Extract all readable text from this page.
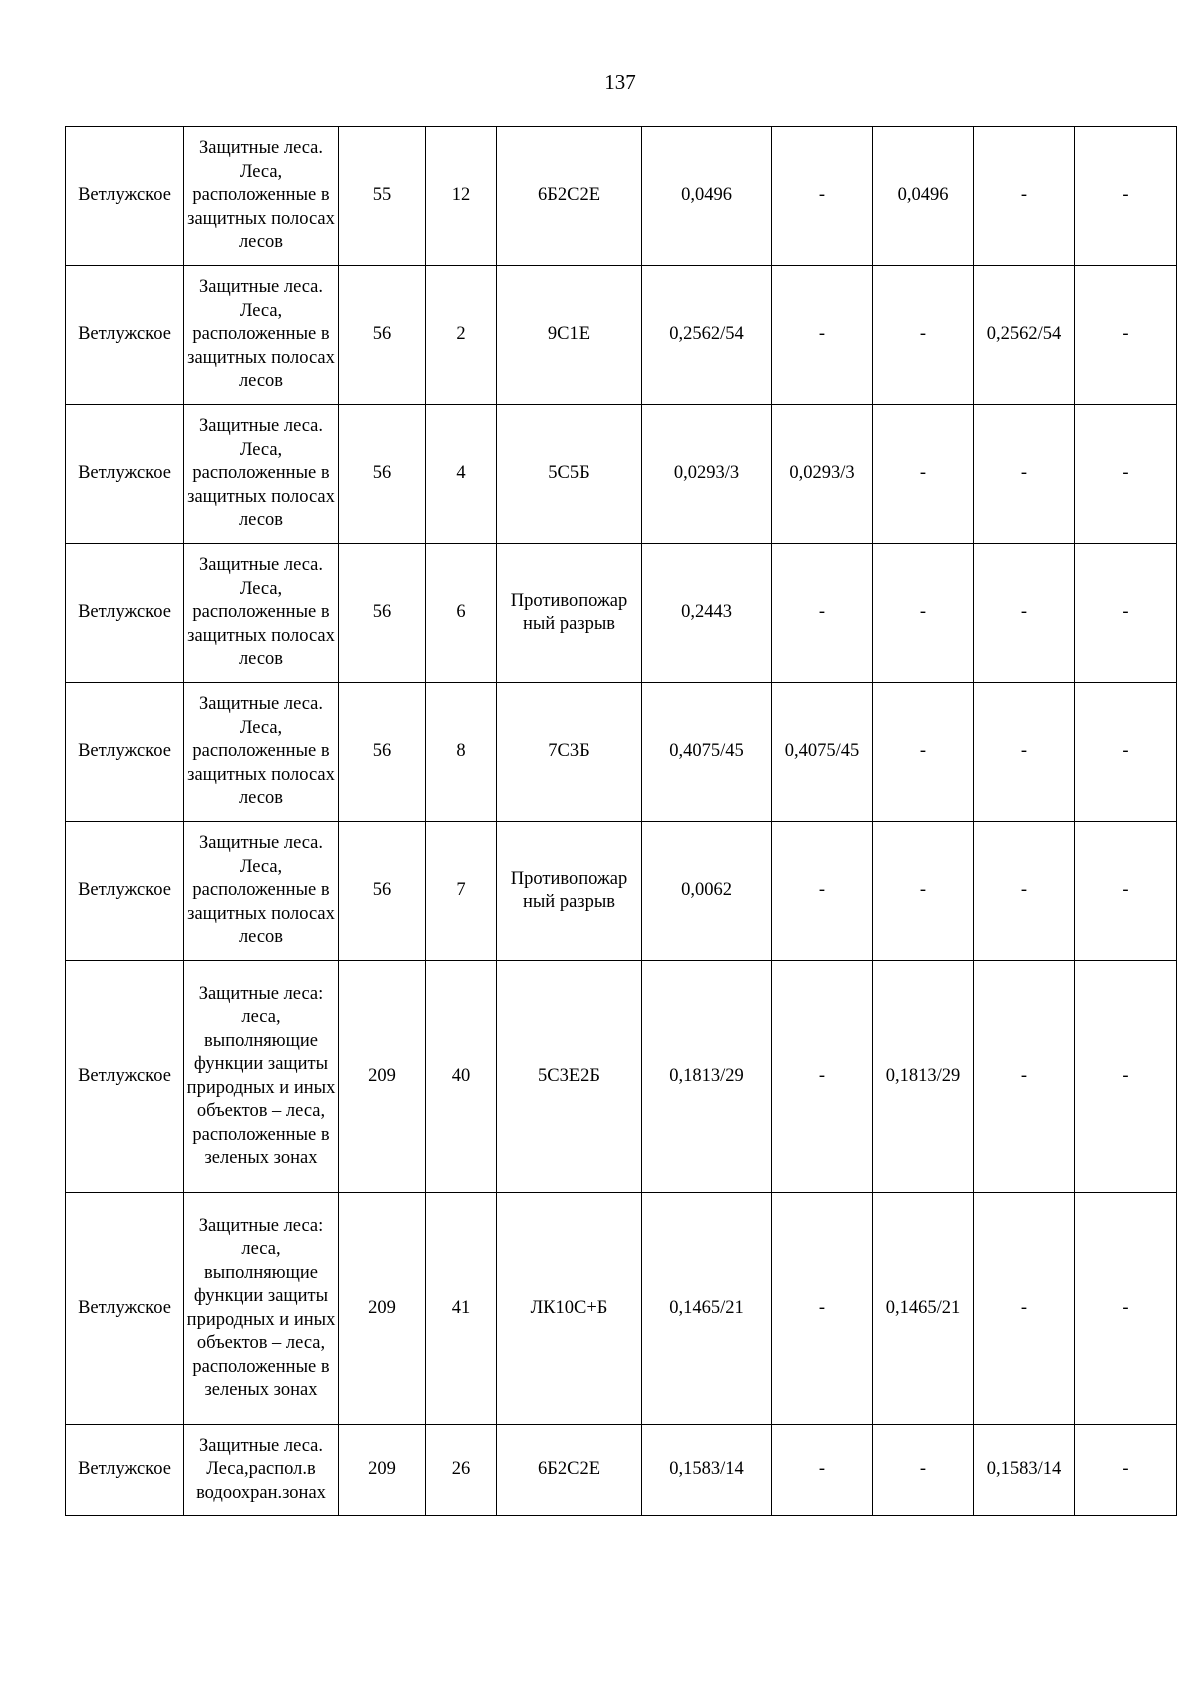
137
Ветлужское	Защитные леса. Леса, расположенные в защитных полосах лесов	55	12	6Б2С2Е	0,0496	-	0,0496	-	-
Ветлужское	Защитные леса. Леса, расположенные в защитных полосах лесов	56	2	9С1Е	0,2562/54	-	-	0,2562/54	-
Ветлужское	Защитные леса. Леса, расположенные в защитных полосах лесов	56	4	5С5Б	0,0293/3	0,0293/3	-	-	-
Ветлужское	Защитные леса. Леса, расположенные в защитных полосах лесов	56	6	Противопожар ный разрыв	0,2443	-	-	-	-
Ветлужское	Защитные леса. Леса, расположенные в защитных полосах лесов	56	8	7С3Б	0,4075/45	0,4075/45	-	-	-
Ветлужское	Защитные леса. Леса, расположенные в защитных полосах лесов	56	7	Противопожар ный разрыв	0,0062	-	-	-	-
Ветлужское	Защитные леса: леса, выполняющие функции защиты природных и иных объектов – леса, расположенные в зеленых зонах	209	40	5С3Е2Б	0,1813/29	-	0,1813/29	-	-
Ветлужское	Защитные леса: леса, выполняющие функции защиты природных и иных объектов – леса, расположенные в зеленых зонах	209	41	ЛК10С+Б	0,1465/21	-	0,1465/21	-	-
Ветлужское	Защитные леса. Леса,распол.в водоохран.зонах	209	26	6Б2С2Е	0,1583/14	-	-	0,1583/14	-
